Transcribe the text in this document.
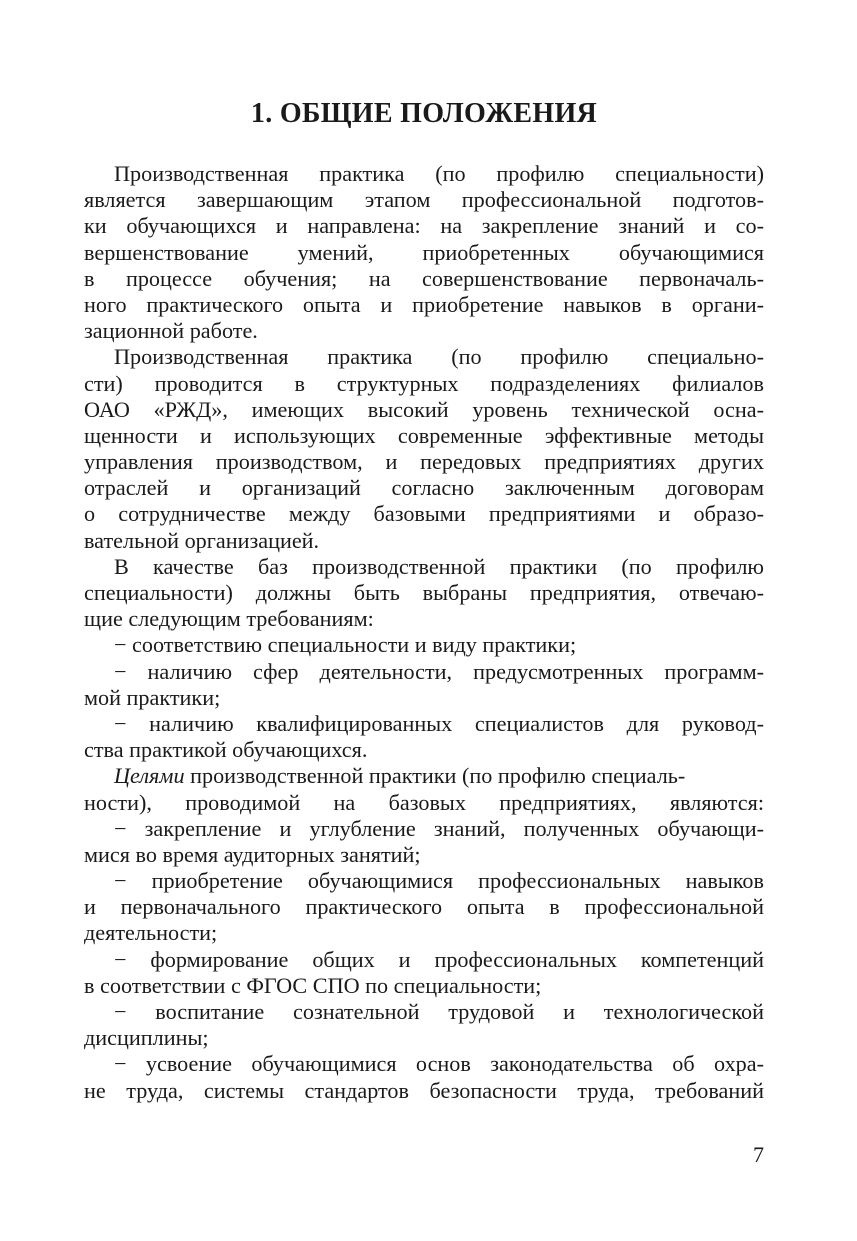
1. ОБЩИЕ ПОЛОЖЕНИЯ
Производственная практика (по профилю специальности)
является завершающим этапом профессиональной подготов-
ки обучающихся и направлена: на закрепление знаний и со-
вершенствование умений, приобретенных обучающимися
в процессе обучения; на совершенствование первоначаль-
ного практического опыта и приобретение навыков в органи-
зационной работе.
Производственная практика (по профилю специально-
сти) проводится в структурных подразделениях филиалов
ОАО «РЖД», имеющих высокий уровень технической осна-
щенности и использующих современные эффективные методы
управления производством, и передовых предприятиях других
отраслей и организаций согласно заключенным договорам
о сотрудничестве между базовыми предприятиями и образо-
вательной организацией.
В качестве баз производственной практики (по профилю
специальности) должны быть выбраны предприятия, отвечаю-
щие следующим требованиям:
− соответствию специальности и виду практики;
− наличию сфер деятельности, предусмотренных программ-
мой практики;
− наличию квалифицированных специалистов для руковод-
ства практикой обучающихся.
Целями производственной практики (по профилю специаль-
ности), проводимой на базовых предприятиях, являются:
− закрепление и углубление знаний, полученных обучающи-
мися во время аудиторных занятий;
− приобретение обучающимися профессиональных навыков
и первоначального практического опыта в профессиональной
деятельности;
− формирование общих и профессиональных компетенций
в соответствии с ФГОС СПО по специальности;
− воспитание сознательной трудовой и технологической
дисциплины;
− усвоение обучающимися основ законодательства об охра-
не труда, системы стандартов безопасности труда, требований
7
